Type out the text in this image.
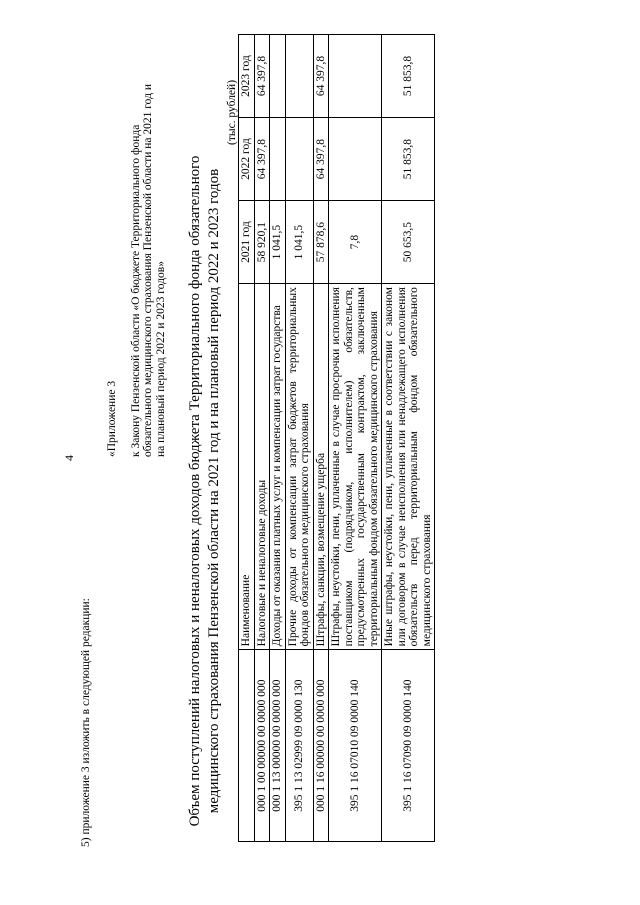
4
5) приложение 3 изложить в следующей редакции:
«Приложение 3 к Закону Пензенской области «О бюджете Территориального фонда обязательного медицинского страхования Пензенской области на 2021 год и на плановый период 2022 и 2023 годов» Объем поступлений налоговых и неналоговых доходов бюджета Территориального фонда обязательного медицинского страхования Пензенской области на 2021 год и на плановый период 2022 и 2023 годов
(тыс. рублей)
	Наименование	2021 год	2022 год	2023 год
000 1 00 00000 00 0000 000	Налоговые и неналоговые доходы	58 920,1	64 397,8	64 397,8
000 1 13 00000 00 0000 000	Доходы от оказания платных услуг и компенсации затрат государства	1 041,5		
395 1 13 02999 09 0000 130	Прочие доходы от компенсации затрат бюджетов территориальных фондов обязательного медицинского страхования	1 041,5		
000 1 16 00000 00 0000 000	Штрафы, санкции, возмещение ущерба	57 878,6	64 397,8	64 397,8
395 1 16 07010 09 0000 140	Штрафы, неустойки, пени, уплаченные в случае просрочки исполнения поставщиком (подрядчиком, исполнителем) обязательств, предусмотренных государственным контрактом, заключенным территориальным фондом обязательного медицинского страхования	7,8		
395 1 16 07090 09 0000 140	Иные штрафы, неустойки, пени, уплаченные в соответствии с законом или договором в случае неисполнения или ненадлежащего исполнения обязательств перед территориальным фондом обязательного медицинского страхования	50 653,5	51 853,8	51 853,8
